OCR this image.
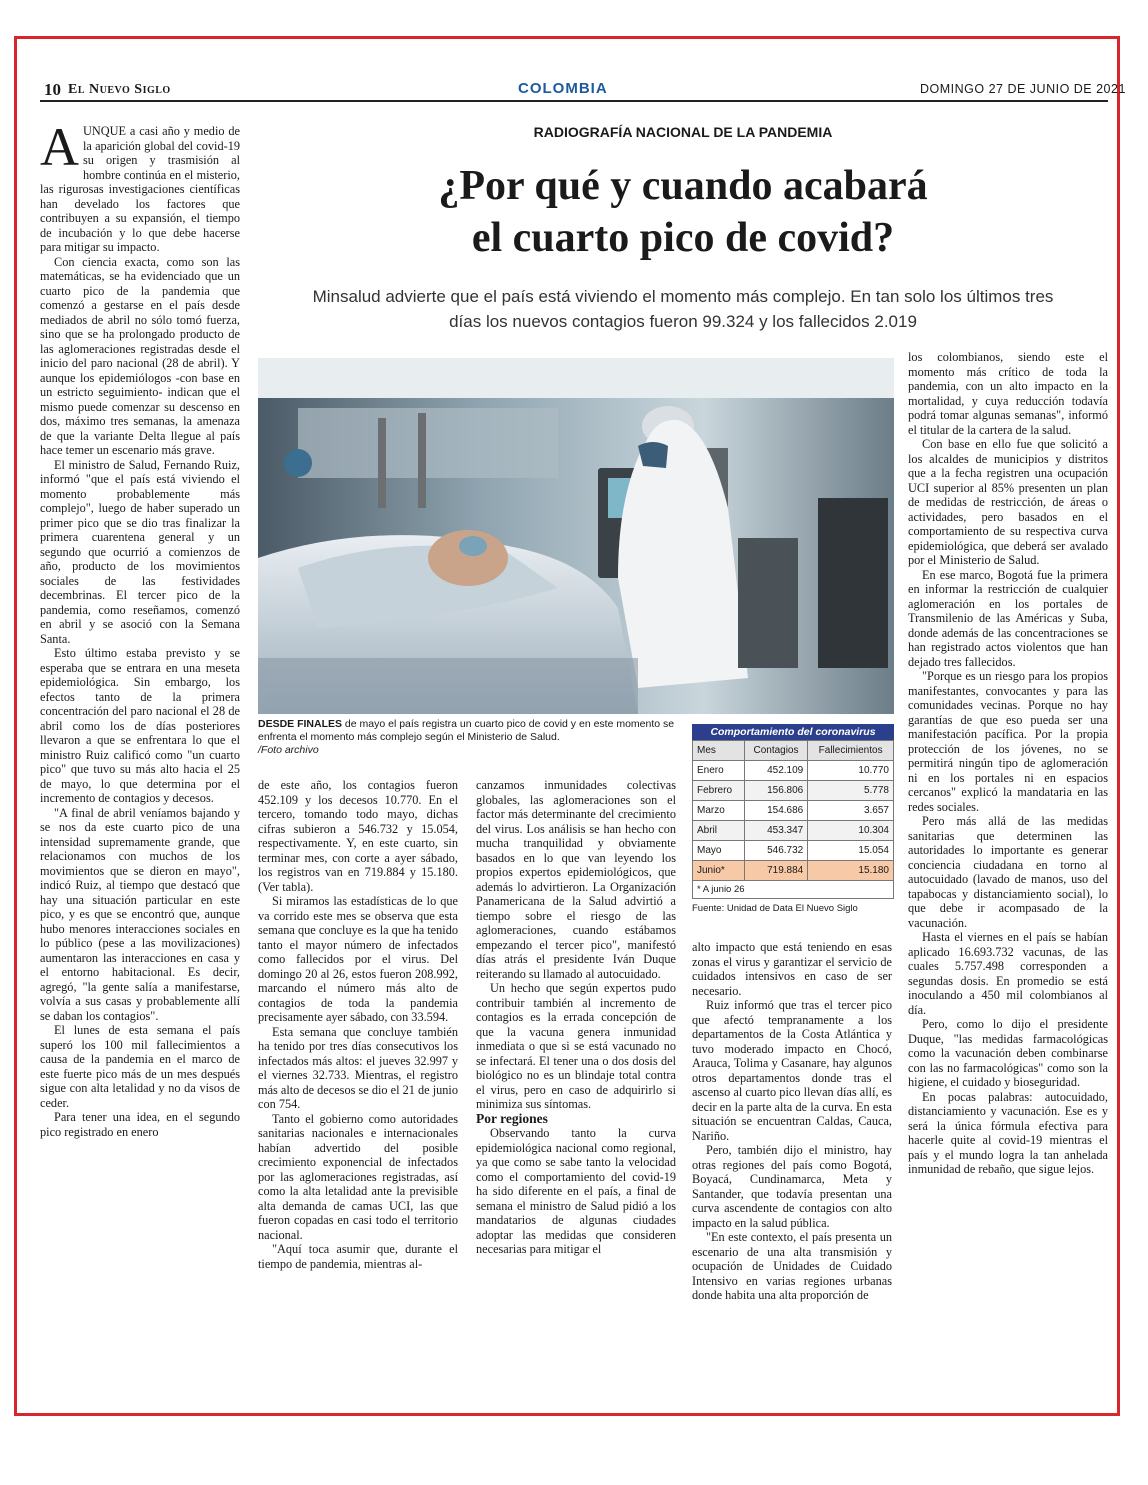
10 El Nuevo Siglo	COLOMBIA	DOMINGO 27 DE JUNIO DE 2021
RADIOGRAFÍA NACIONAL DE LA PANDEMIA
¿Por qué y cuando acabará
el cuarto pico de covid?
Minsalud advierte que el país está viviendo el momento más complejo. En tan solo los últimos tres
días los nuevos contagios fueron 99.324 y los fallecidos 2.019

AUNQUE a casi año y medio de la aparición global del covid-19 su origen y trasmisión al hombre continúa en el misterio, las rigurosas investigaciones científicas han develado los factores que contribuyen a su expansión, el tiempo de incubación y lo que debe hacerse para mitigar su impacto.

Con ciencia exacta, como son las matemáticas, se ha evidenciado que un cuarto pico de la pandemia que comenzó a gestarse en el país desde mediados de abril no sólo tomó fuerza, sino que se ha prolongado producto de las aglomeraciones registradas desde el inicio del paro nacional (28 de abril). Y aunque los epidemiólogos -con base en un estricto seguimiento- indican que el mismo puede comenzar su descenso en dos, máximo tres semanas, la amenaza de que la variante Delta llegue al país hace temer un escenario más grave.

El ministro de Salud, Fernando Ruiz, informó "que el país está viviendo el momento probablemente más complejo", luego de haber superado un primer pico que se dio tras finalizar la primera cuarentena general y un segundo que ocurrió a comienzos de año, producto de los movimientos sociales de las festividades decembrinas. El tercer pico de la pandemia, como reseñamos, comenzó en abril y se asoció con la Semana Santa.

Esto último estaba previsto y se esperaba que se entrara en una meseta epidemiológica. Sin embargo, los efectos tanto de la primera concentración del paro nacional el 28 de abril como los de días posteriores llevaron a que se enfrentara lo que el ministro Ruiz calificó como "un cuarto pico" que tuvo su más alto hacia el 25 de mayo, lo que determina por el incremento de contagios y decesos.

"A final de abril veníamos bajando y se nos da este cuarto pico de una intensidad supremamente grande, que relacionamos con muchos de los movimientos que se dieron en mayo", indicó Ruiz, al tiempo que destacó que hay una situación particular en este pico, y es que se encontró que, aunque hubo menores interacciones sociales en lo público (pese a las movilizaciones) aumentaron las interacciones en casa y el entorno habitacional. Es decir, agregó, "la gente salía a manifestarse, volvía a sus casas y probablemente allí se daban los contagios".

El lunes de esta semana el país superó los 100 mil fallecimientos a causa de la pandemia en el marco de este fuerte pico más de un mes después sigue con alta letalidad y no da visos de ceder.

Para tener una idea, en el segundo pico registrado en enero

DESDE FINALES de mayo el país registra un cuarto pico de covid y en este momento se enfrenta el momento más complejo según el Ministerio de Salud.
/Foto archivo
Comportamiento del coronavirus
Mes	Contagios	Fallecimientos
Enero	452.109	10.770
Febrero	156.806	5.778
Marzo	154.686	3.657
Abril	453.347	10.304
Mayo	546.732	15.054
Junio*	719.884	15.180
* A junio 26
Fuente: Unidad de Data El Nuevo Siglo

de este año, los contagios fueron 452.109 y los decesos 10.770. En el tercero, tomando todo mayo, dichas cifras subieron a 546.732 y 15.054, respectivamente. Y, en este cuarto, sin terminar mes, con corte a ayer sábado, los registros van en 719.884 y 15.180. (Ver tabla).

Si miramos las estadísticas de lo que va corrido este mes se observa que esta semana que concluye es la que ha tenido tanto el mayor número de infectados como fallecidos por el virus. Del domingo 20 al 26, estos fueron 208.992, marcando el número más alto de contagios de toda la pandemia precisamente ayer sábado, con 33.594.

Esta semana que concluye también ha tenido por tres días consecutivos los infectados más altos: el jueves 32.997 y el viernes 32.733. Mientras, el registro más alto de decesos se dio el 21 de junio con 754.

Tanto el gobierno como autoridades sanitarias nacionales e internacionales habían advertido del posible crecimiento exponencial de infectados por las aglomeraciones registradas, así como la alta letalidad ante la previsible alta demanda de camas UCI, las que fueron copadas en casi todo el territorio nacional.

"Aquí toca asumir que, durante el tiempo de pandemia, mientras al-

canzamos inmunidades colectivas globales, las aglomeraciones son el factor más determinante del crecimiento del virus. Los análisis se han hecho con mucha tranquilidad y obviamente basados en lo que van leyendo los propios expertos epidemiológicos, que además lo advirtieron. La Organización Panamericana de la Salud advirtió a tiempo sobre el riesgo de las aglomeraciones, cuando estábamos empezando el tercer pico", manifestó días atrás el presidente Iván Duque reiterando su llamado al autocuidado.

Un hecho que según expertos pudo contribuir también al incremento de contagios es la errada concepción de que la vacuna genera inmunidad inmediata o que si se está vacunado no se infectará. El tener una o dos dosis del biológico no es un blindaje total contra el virus, pero en caso de adquirirlo si minimiza sus síntomas.

Por regiones

Observando tanto la curva epidemiológica nacional como regional, ya que como se sabe tanto la velocidad como el comportamiento del covid-19 ha sido diferente en el país, a final de semana el ministro de Salud pidió a los mandatarios de algunas ciudades adoptar las medidas que consideren necesarias para mitigar el

alto impacto que está teniendo en esas zonas el virus y garantizar el servicio de cuidados intensivos en caso de ser necesario.

Ruiz informó que tras el tercer pico que afectó tempranamente a los departamentos de la Costa Atlántica y tuvo moderado impacto en Chocó, Arauca, Tolima y Casanare, hay algunos otros departamentos donde tras el ascenso al cuarto pico llevan días allí, es decir en la parte alta de la curva. En esta situación se encuentran Caldas, Cauca, Nariño.

Pero, también dijo el ministro, hay otras regiones del país como Bogotá, Boyacá, Cundinamarca, Meta y Santander, que todavía presentan una curva ascendente de contagios con alto impacto en la salud pública.

"En este contexto, el país presenta un escenario de una alta transmisión y ocupación de Unidades de Cuidado Intensivo en varias regiones urbanas donde habita una alta proporción de

los colombianos, siendo este el momento más crítico de toda la pandemia, con un alto impacto en la mortalidad, y cuya reducción todavía podrá tomar algunas semanas", informó el titular de la cartera de la salud.

Con base en ello fue que solicitó a los alcaldes de municipios y distritos que a la fecha registren una ocupación UCI superior al 85% presenten un plan de medidas de restricción, de áreas o actividades, pero basados en el comportamiento de su respectiva curva epidemiológica, que deberá ser avalado por el Ministerio de Salud.

En ese marco, Bogotá fue la primera en informar la restricción de cualquier aglomeración en los portales de Transmilenio de las Américas y Suba, donde además de las concentraciones se han registrado actos violentos que han dejado tres fallecidos.

"Porque es un riesgo para los propios manifestantes, convocantes y para las comunidades vecinas. Porque no hay garantías de que eso pueda ser una manifestación pacífica. Por la propia protección de los jóvenes, no se permitirá ningún tipo de aglomeración ni en los portales ni en espacios cercanos" explicó la mandataria en las redes sociales.

Pero más allá de las medidas sanitarias que determinen las autoridades lo importante es generar conciencia ciudadana en torno al autocuidado (lavado de manos, uso del tapabocas y distanciamiento social), lo que debe ir acompasado de la vacunación.

Hasta el viernes en el país se habían aplicado 16.693.732 vacunas, de las cuales 5.757.498 corresponden a segundas dosis. En promedio se está inoculando a 450 mil colombianos al día.

Pero, como lo dijo el presidente Duque, "las medidas farmacológicas como la vacunación deben combinarse con las no farmacológicas" como son la higiene, el cuidado y bioseguridad.

En pocas palabras: autocuidado, distanciamiento y vacunación. Ese es y será la única fórmula efectiva para hacerle quite al covid-19 mientras el país y el mundo logra la tan anhelada inmunidad de rebaño, que sigue lejos.
